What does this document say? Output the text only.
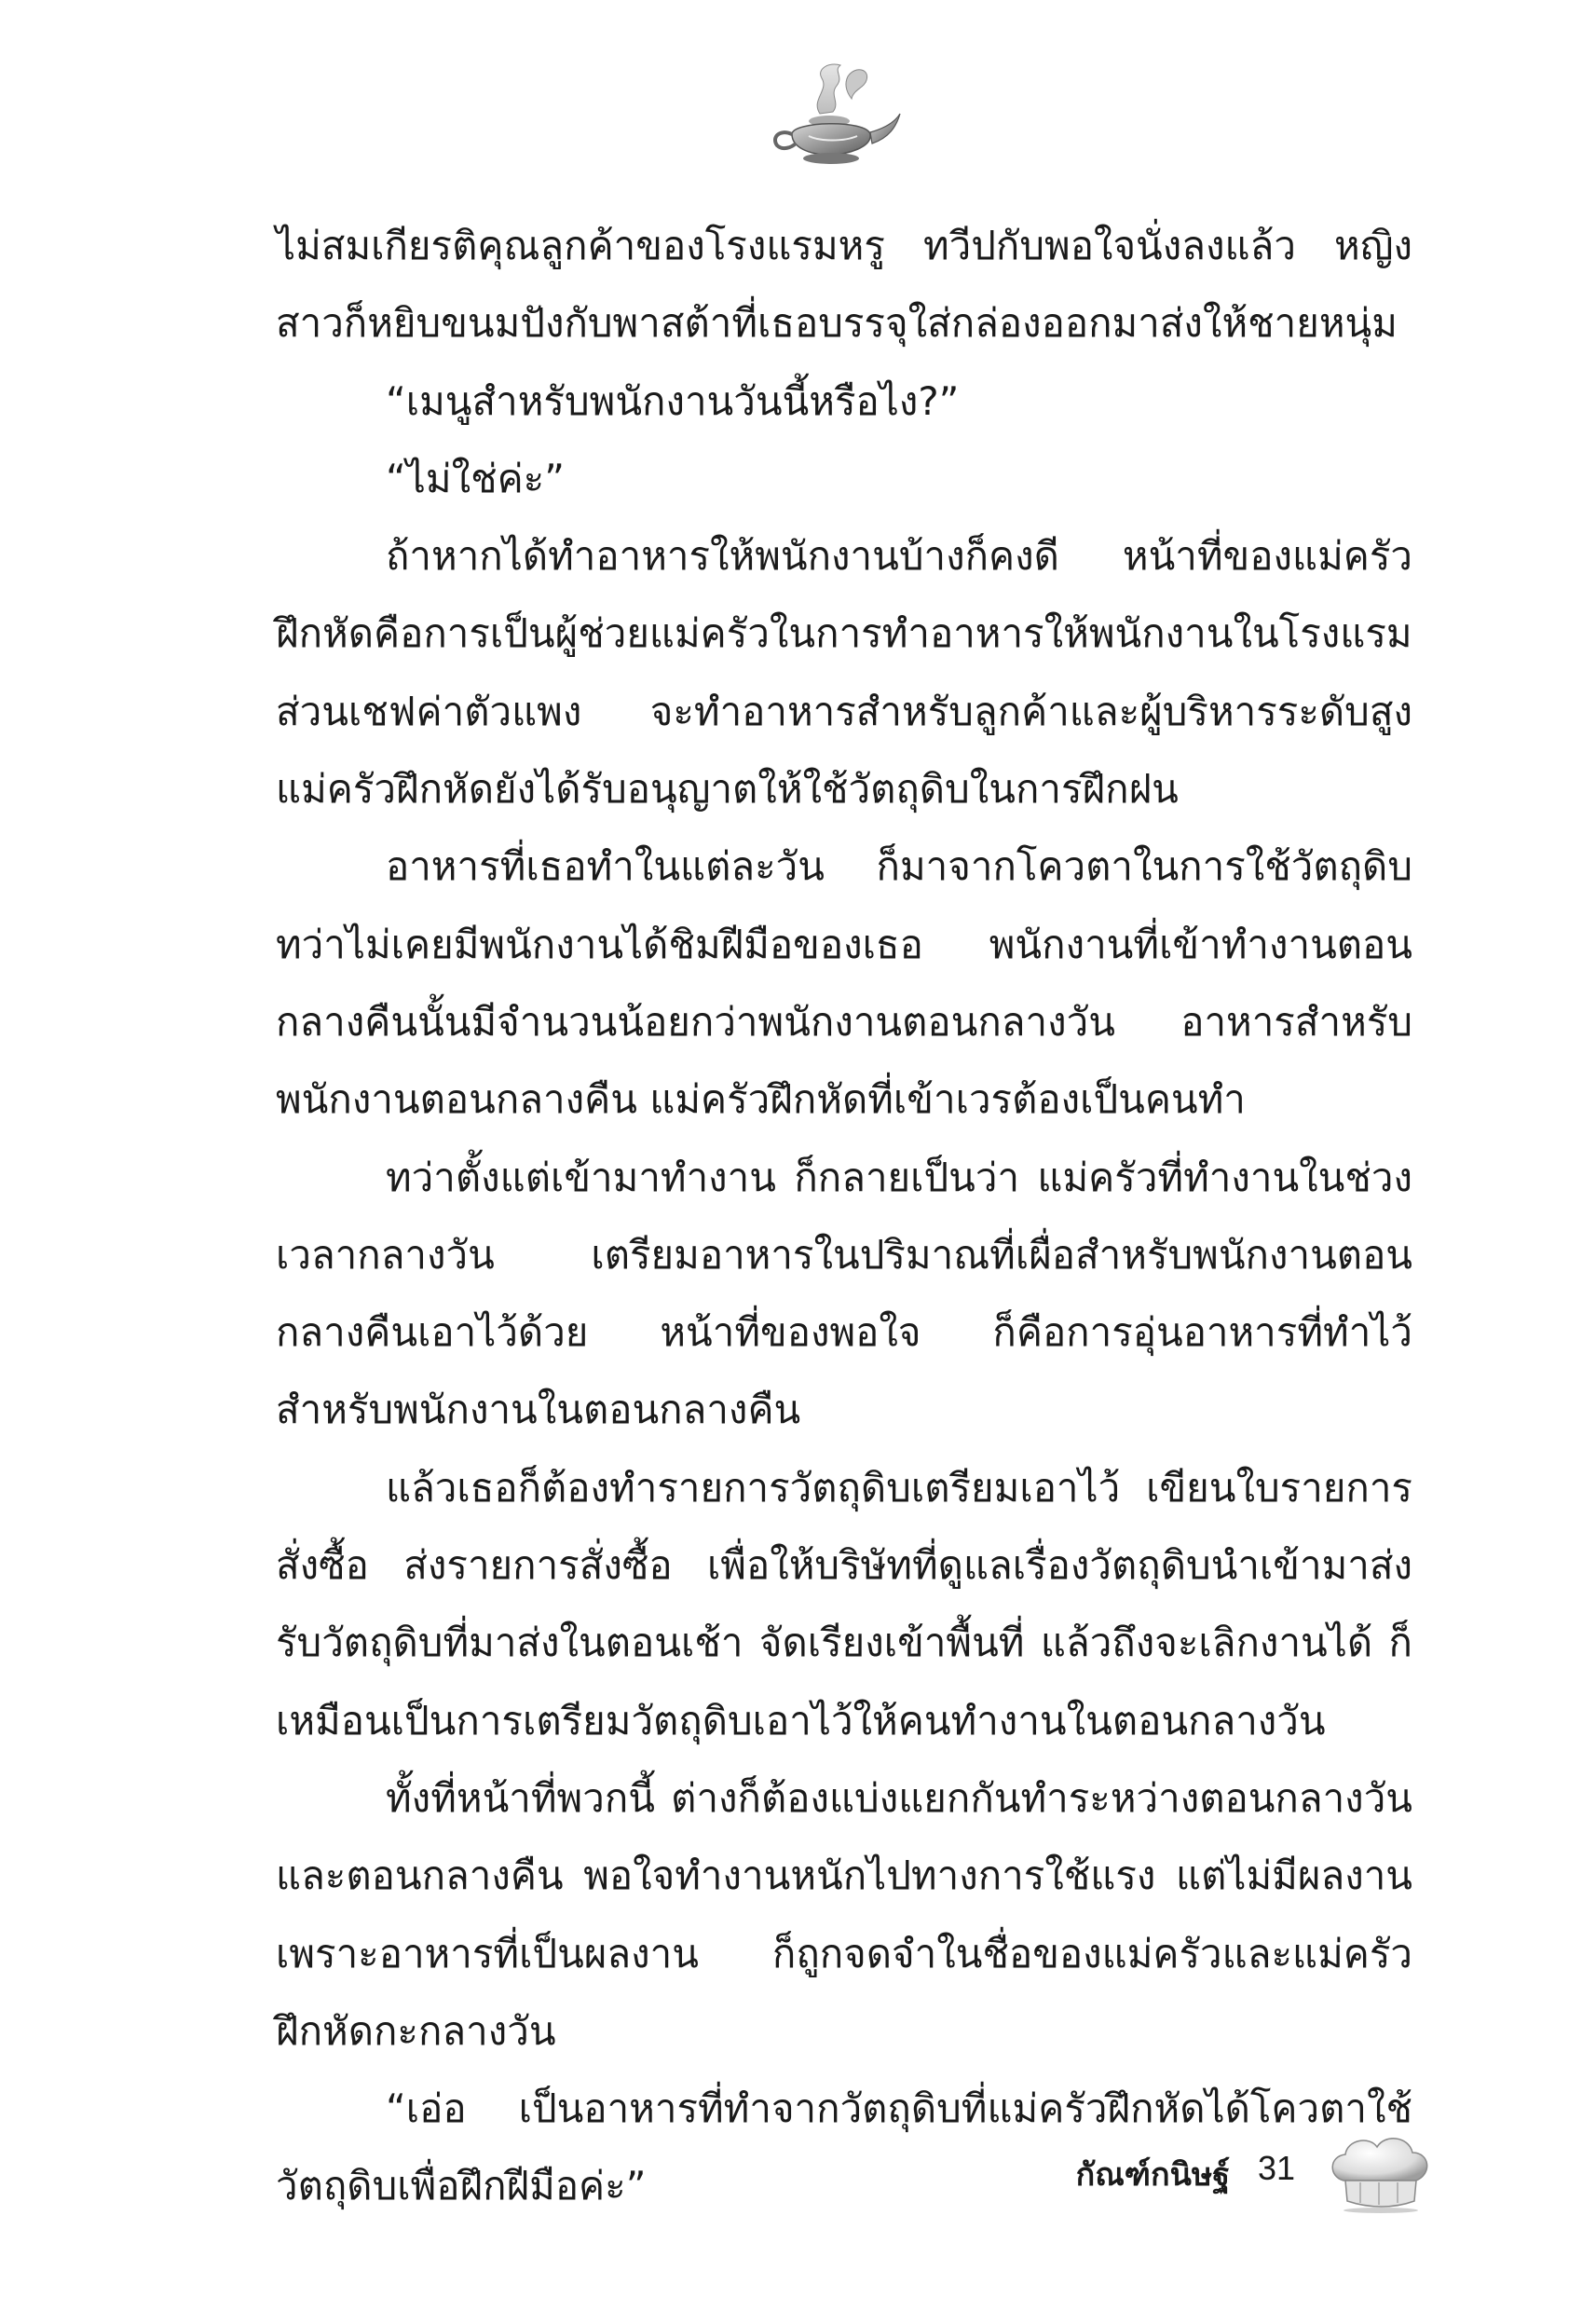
ไม่สมเกียรติคุณลูกค้าของโรงแรมหรู ทวีปกับพอใจนั่งลงแล้ว หญิงสาวก็หยิบขนมปังกับพาสต้าที่เธอบรรจุใส่กล่องออกมาส่งให้ชายหนุ่ม

“เมนูสำหรับพนักงานวันนี้หรือไง?”

“ไม่ใช่ค่ะ”

ถ้าหากได้ทำอาหารให้พนักงานบ้างก็คงดี หน้าที่ของแม่ครัวฝึกหัดคือการเป็นผู้ช่วยแม่ครัวในการทำอาหารให้พนักงานในโรงแรม ส่วนเชฟค่าตัวแพง จะทำอาหารสำหรับลูกค้าและผู้บริหารระดับสูง แม่ครัวฝึกหัดยังได้รับอนุญาตให้ใช้วัตถุดิบในการฝึกฝน

อาหารที่เธอทำในแต่ละวัน ก็มาจากโควตาในการใช้วัตถุดิบ ทว่าไม่เคยมีพนักงานได้ชิมฝีมือของเธอ พนักงานที่เข้าทำงานตอนกลางคืนนั้นมีจำนวนน้อยกว่าพนักงานตอนกลางวัน อาหารสำหรับพนักงานตอนกลางคืน แม่ครัวฝึกหัดที่เข้าเวรต้องเป็นคนทำ

ทว่าตั้งแต่เข้ามาทำงาน ก็กลายเป็นว่า แม่ครัวที่ทำงานในช่วงเวลากลางวัน เตรียมอาหารในปริมาณที่เผื่อสำหรับพนักงานตอนกลางคืนเอาไว้ด้วย หน้าที่ของพอใจ ก็คือการอุ่นอาหารที่ทำไว้ สำหรับพนักงานในตอนกลางคืน

แล้วเธอก็ต้องทำรายการวัตถุดิบเตรียมเอาไว้ เขียนใบรายการสั่งซื้อ ส่งรายการสั่งซื้อ เพื่อให้บริษัทที่ดูแลเรื่องวัตถุดิบนำเข้ามาส่ง รับวัตถุดิบที่มาส่งในตอนเช้า จัดเรียงเข้าพื้นที่ แล้วถึงจะเลิกงานได้ ก็เหมือนเป็นการเตรียมวัตถุดิบเอาไว้ให้คนทำงานในตอนกลางวัน

ทั้งที่หน้าที่พวกนี้ ต่างก็ต้องแบ่งแยกกันทำระหว่างตอนกลางวันและตอนกลางคืน พอใจทำงานหนักไปทางการใช้แรง แต่ไม่มีผลงาน เพราะอาหารที่เป็นผลงาน ก็ถูกจดจำในชื่อของแม่ครัวและแม่ครัวฝึกหัดกะกลางวัน

“เอ่อ เป็นอาหารที่ทำจากวัตถุดิบที่แม่ครัวฝึกหัดได้โควตาใช้วัตถุดิบเพื่อฝึกฝีมือค่ะ”	กัณฑ์กนิษฐ์ 31
